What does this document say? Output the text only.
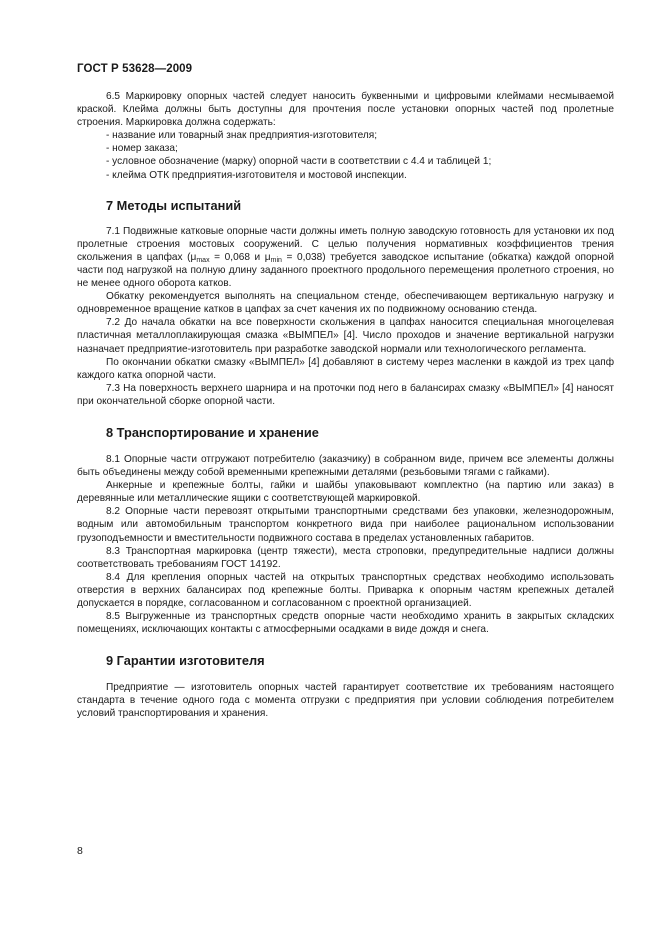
ГОСТ Р 53628—2009

6.5 Маркировку опорных частей следует наносить буквенными и цифровыми клеймами несмываемой краской. Клейма должны быть доступны для прочтения после установки опорных частей под пролетные строения. Маркировка должна содержать:

- название или товарный знак предприятия-изготовителя;

- номер заказа;

- условное обозначение (марку) опорной части в соответствии с 4.4 и таблицей 1;

- клейма ОТК предприятия-изготовителя и мостовой инспекции.

7 Методы испытаний

7.1 Подвижные катковые опорные части должны иметь полную заводскую готовность для установки их под пролетные строения мостовых сооружений. С целью получения нормативных коэффициентов трения скольжения в цапфах ($\mu_{max} = 0,068$ и $\mu_{min} = 0,038$) требуется заводское испытание (обкатка) каждой опорной части под нагрузкой на полную длину заданного проектного продольного перемещения пролетного строения, но не менее одного оборота катков.

Обкатку рекомендуется выполнять на специальном стенде, обеспечивающем вертикальную нагрузку и одновременное вращение катков в цапфах за счет качения их по подвижному основанию стенда.

7.2 До начала обкатки на все поверхности скольжения в цапфах наносится специальная многоцелевая пластичная металлоплакирующая смазка «ВЫМПЕЛ» [4]. Число проходов и значение вертикальной нагрузки назначает предприятие-изготовитель при разработке заводской нормали или технологического регламента.

По окончании обкатки смазку «ВЫМПЕЛ» [4] добавляют в систему через масленки в каждой из трех цапф каждого катка опорной части.

7.3 На поверхность верхнего шарнира и на проточки под него в балансирах смазку «ВЫМПЕЛ» [4] наносят при окончательной сборке опорной части.

8 Транспортирование и хранение

8.1 Опорные части отгружают потребителю (заказчику) в собранном виде, причем все элементы должны быть объединены между собой временными крепежными деталями (резьбовыми тягами с гайками).

Анкерные и крепежные болты, гайки и шайбы упаковывают комплектно (на партию или заказ) в деревянные или металлические ящики с соответствующей маркировкой.

8.2 Опорные части перевозят открытыми транспортными средствами без упаковки, железнодорожным, водным или автомобильным транспортом конкретного вида при наиболее рациональном использовании грузоподъемности и вместительности подвижного состава в пределах установленных габаритов.

8.3 Транспортная маркировка (центр тяжести), места строповки, предупредительные надписи должны соответствовать требованиям ГОСТ 14192.

8.4 Для крепления опорных частей на открытых транспортных средствах необходимо использовать отверстия в верхних балансирах под крепежные болты. Приварка к опорным частям крепежных деталей допускается в порядке, согласованном и согласованном с проектной организацией.

8.5 Выгруженные из транспортных средств опорные части необходимо хранить в закрытых складских помещениях, исключающих контакты с атмосферными осадками в виде дождя и снега.

9 Гарантии изготовителя

Предприятие — изготовитель опорных частей гарантирует соответствие их требованиям настоящего стандарта в течение одного года с момента отгрузки с предприятия при условии соблюдения потребителем условий транспортирования и хранения.

8
